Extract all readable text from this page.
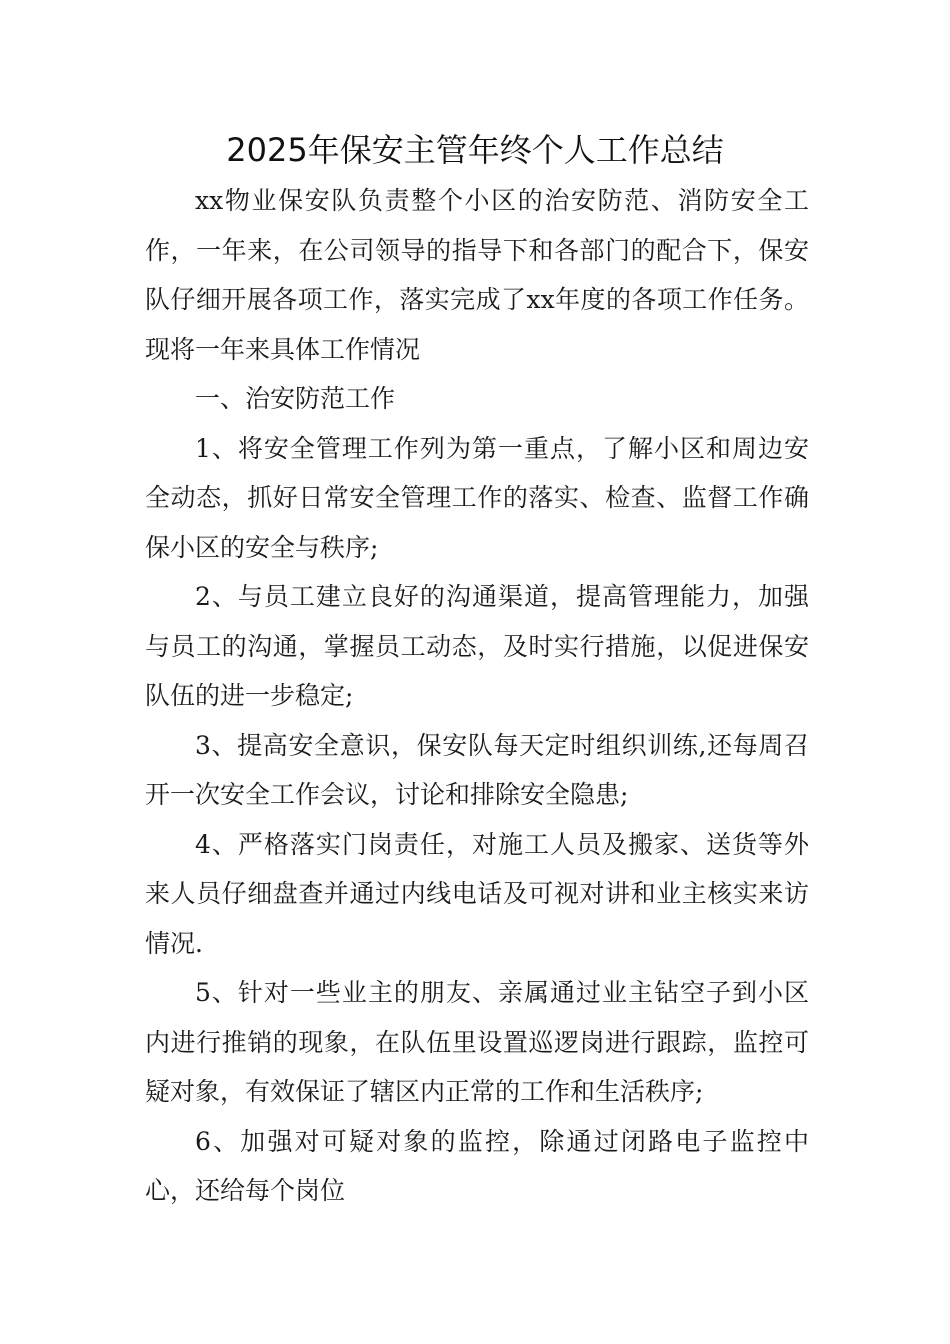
2025年保安主管年终个人工作总结

xx物业保安队负责整个小区的治安防范、消防安全工作，一年来，在公司领导的指导下和各部门的配合下，保安队仔细开展各项工作，落实完成了xx年度的各项工作任务。现将一年来具体工作情况

一、治安防范工作

1、将安全管理工作列为第一重点，了解小区和周边安全动态，抓好日常安全管理工作的落实、检查、监督工作确保小区的安全与秩序;

2、与员工建立良好的沟通渠道，提高管理能力，加强与员工的沟通，掌握员工动态，及时实行措施，以促进保安队伍的进一步稳定;

3、提高安全意识，保安队每天定时组织训练,还每周召开一次安全工作会议，讨论和排除安全隐患;

4、严格落实门岗责任，对施工人员及搬家、送货等外来人员仔细盘查并通过内线电话及可视对讲和业主核实来访情况.

5、针对一些业主的朋友、亲属通过业主钻空子到小区内进行推销的现象，在队伍里设置巡逻岗进行跟踪，监控可疑对象，有效保证了辖区内正常的工作和生活秩序;

6、加强对可疑对象的监控，除通过闭路电子监控中心，还给每个岗位
